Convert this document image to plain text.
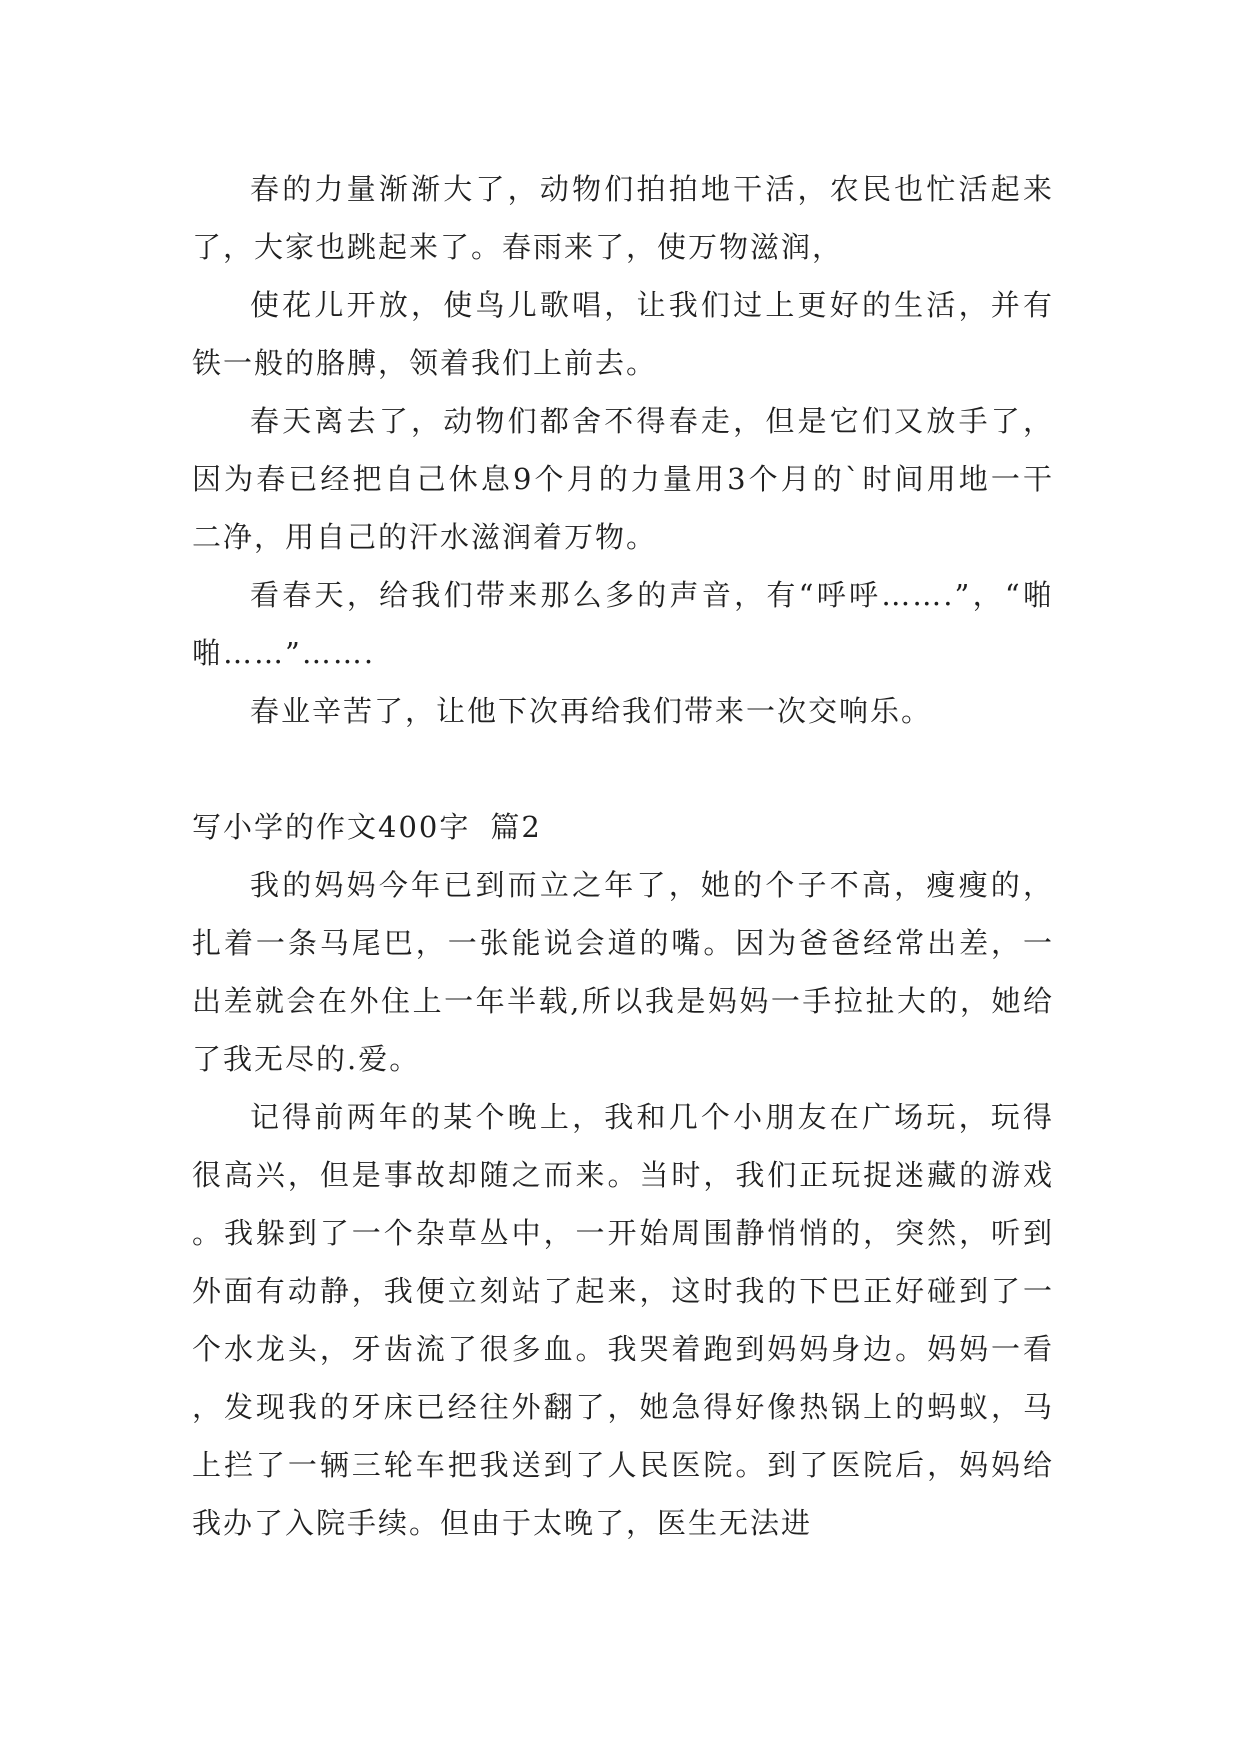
春的力量渐渐大了，动物们拍拍地干活，农民也忙活起来了，大家也跳起来了。春雨来了，使万物滋润，

使花儿开放，使鸟儿歌唱，让我们过上更好的生活，并有铁一般的胳膊，领着我们上前去。

春天离去了，动物们都舍不得春走，但是它们又放手了，因为春已经把自己休息9个月的力量用3个月的`时间用地一干二净，用自己的汗水滋润着万物。

看春天，给我们带来那么多的声音，有“呼呼…….”，“啪啪……”…….

春业辛苦了，让他下次再给我们带来一次交响乐。

写小学的作文400字 篇2

我的妈妈今年已到而立之年了，她的个子不高，瘦瘦的，扎着一条马尾巴，一张能说会道的嘴。因为爸爸经常出差，一出差就会在外住上一年半载,所以我是妈妈一手拉扯大的，她给了我无尽的.爱。

记得前两年的某个晚上，我和几个小朋友在广场玩，玩得很高兴，但是事故却随之而来。当时，我们正玩捉迷藏的游戏。我躲到了一个杂草丛中，一开始周围静悄悄的，突然，听到外面有动静，我便立刻站了起来，这时我的下巴正好碰到了一个水龙头，牙齿流了很多血。我哭着跑到妈妈身边。妈妈一看，发现我的牙床已经往外翻了，她急得好像热锅上的蚂蚁，马上拦了一辆三轮车把我送到了人民医院。到了医院后，妈妈给我办了入院手续。但由于太晚了，医生无法进
